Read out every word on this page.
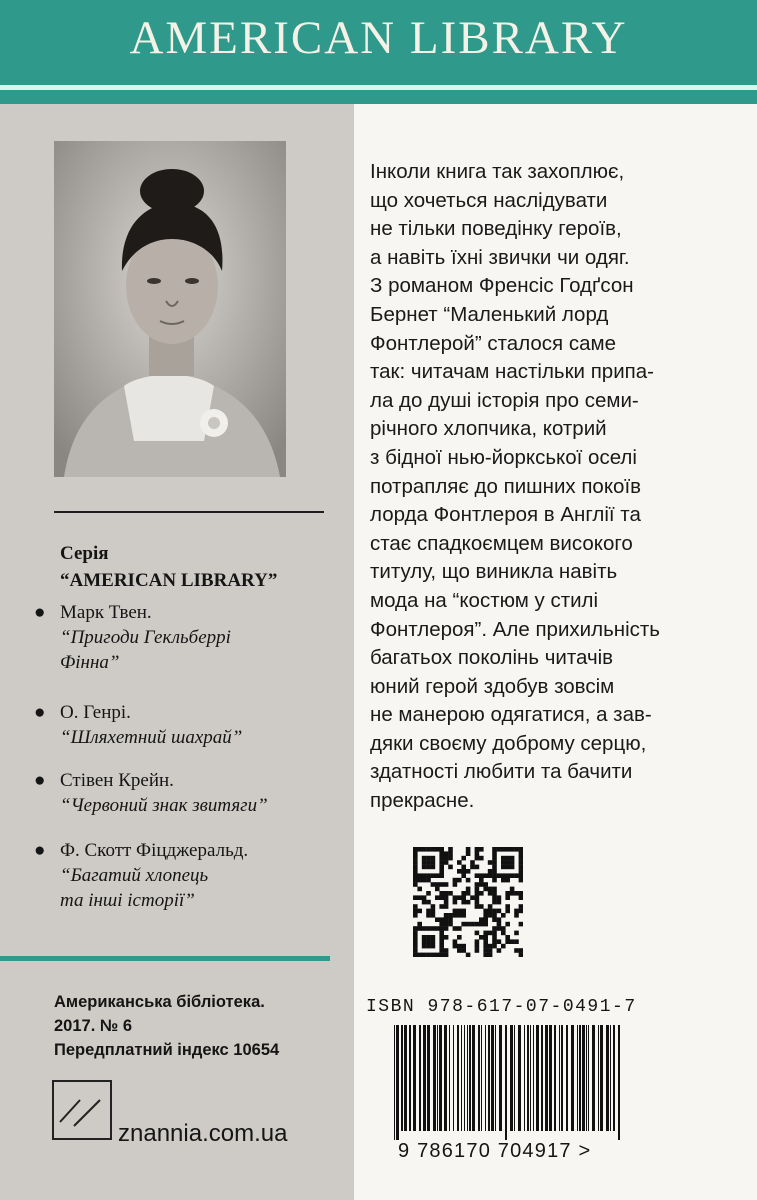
AMERICAN LIBRARY
Серія
“AMERICAN LIBRARY”
● Марк Твен.
“Пригоди Гекльберрі
Фінна”
● О. Генрі.
“Шляхетний шахрай”
● Стівен Крейн.
“Червоний знак звитяги”
● Ф. Скотт Фіцджеральд.
“Багатий хлопець
та інші історії”
Американська бібліотека.
2017. № 6
Передплатний індекс 10654
znannia.com.ua
Інколи книга так захоплює,
що хочеться наслідувати
не тільки поведінку героїв,
а навіть їхні звички чи одяг.
З романом Френсіс Годґсон
Бернет “Маленький лорд
Фонтлерой” сталося саме
так: читачам настільки припа-
ла до душі історія про семи-
річного хлопчика, котрий
з бідної нью-йоркської оселі
потрапляє до пишних покоїв
лорда Фонтлероя в Англії та
стає спадкоємцем високого
титулу, що виникла навіть
мода на “костюм у стилі
Фонтлероя”. Але прихильність
багатьох поколінь читачів
юний герой здобув зовсім
не манерою одягатися, а зав-
дяки своєму доброму серцю,
здатності любити та бачити
прекрасне.
ISBN 978-617-07-0491-7
9 786170 704917 >
